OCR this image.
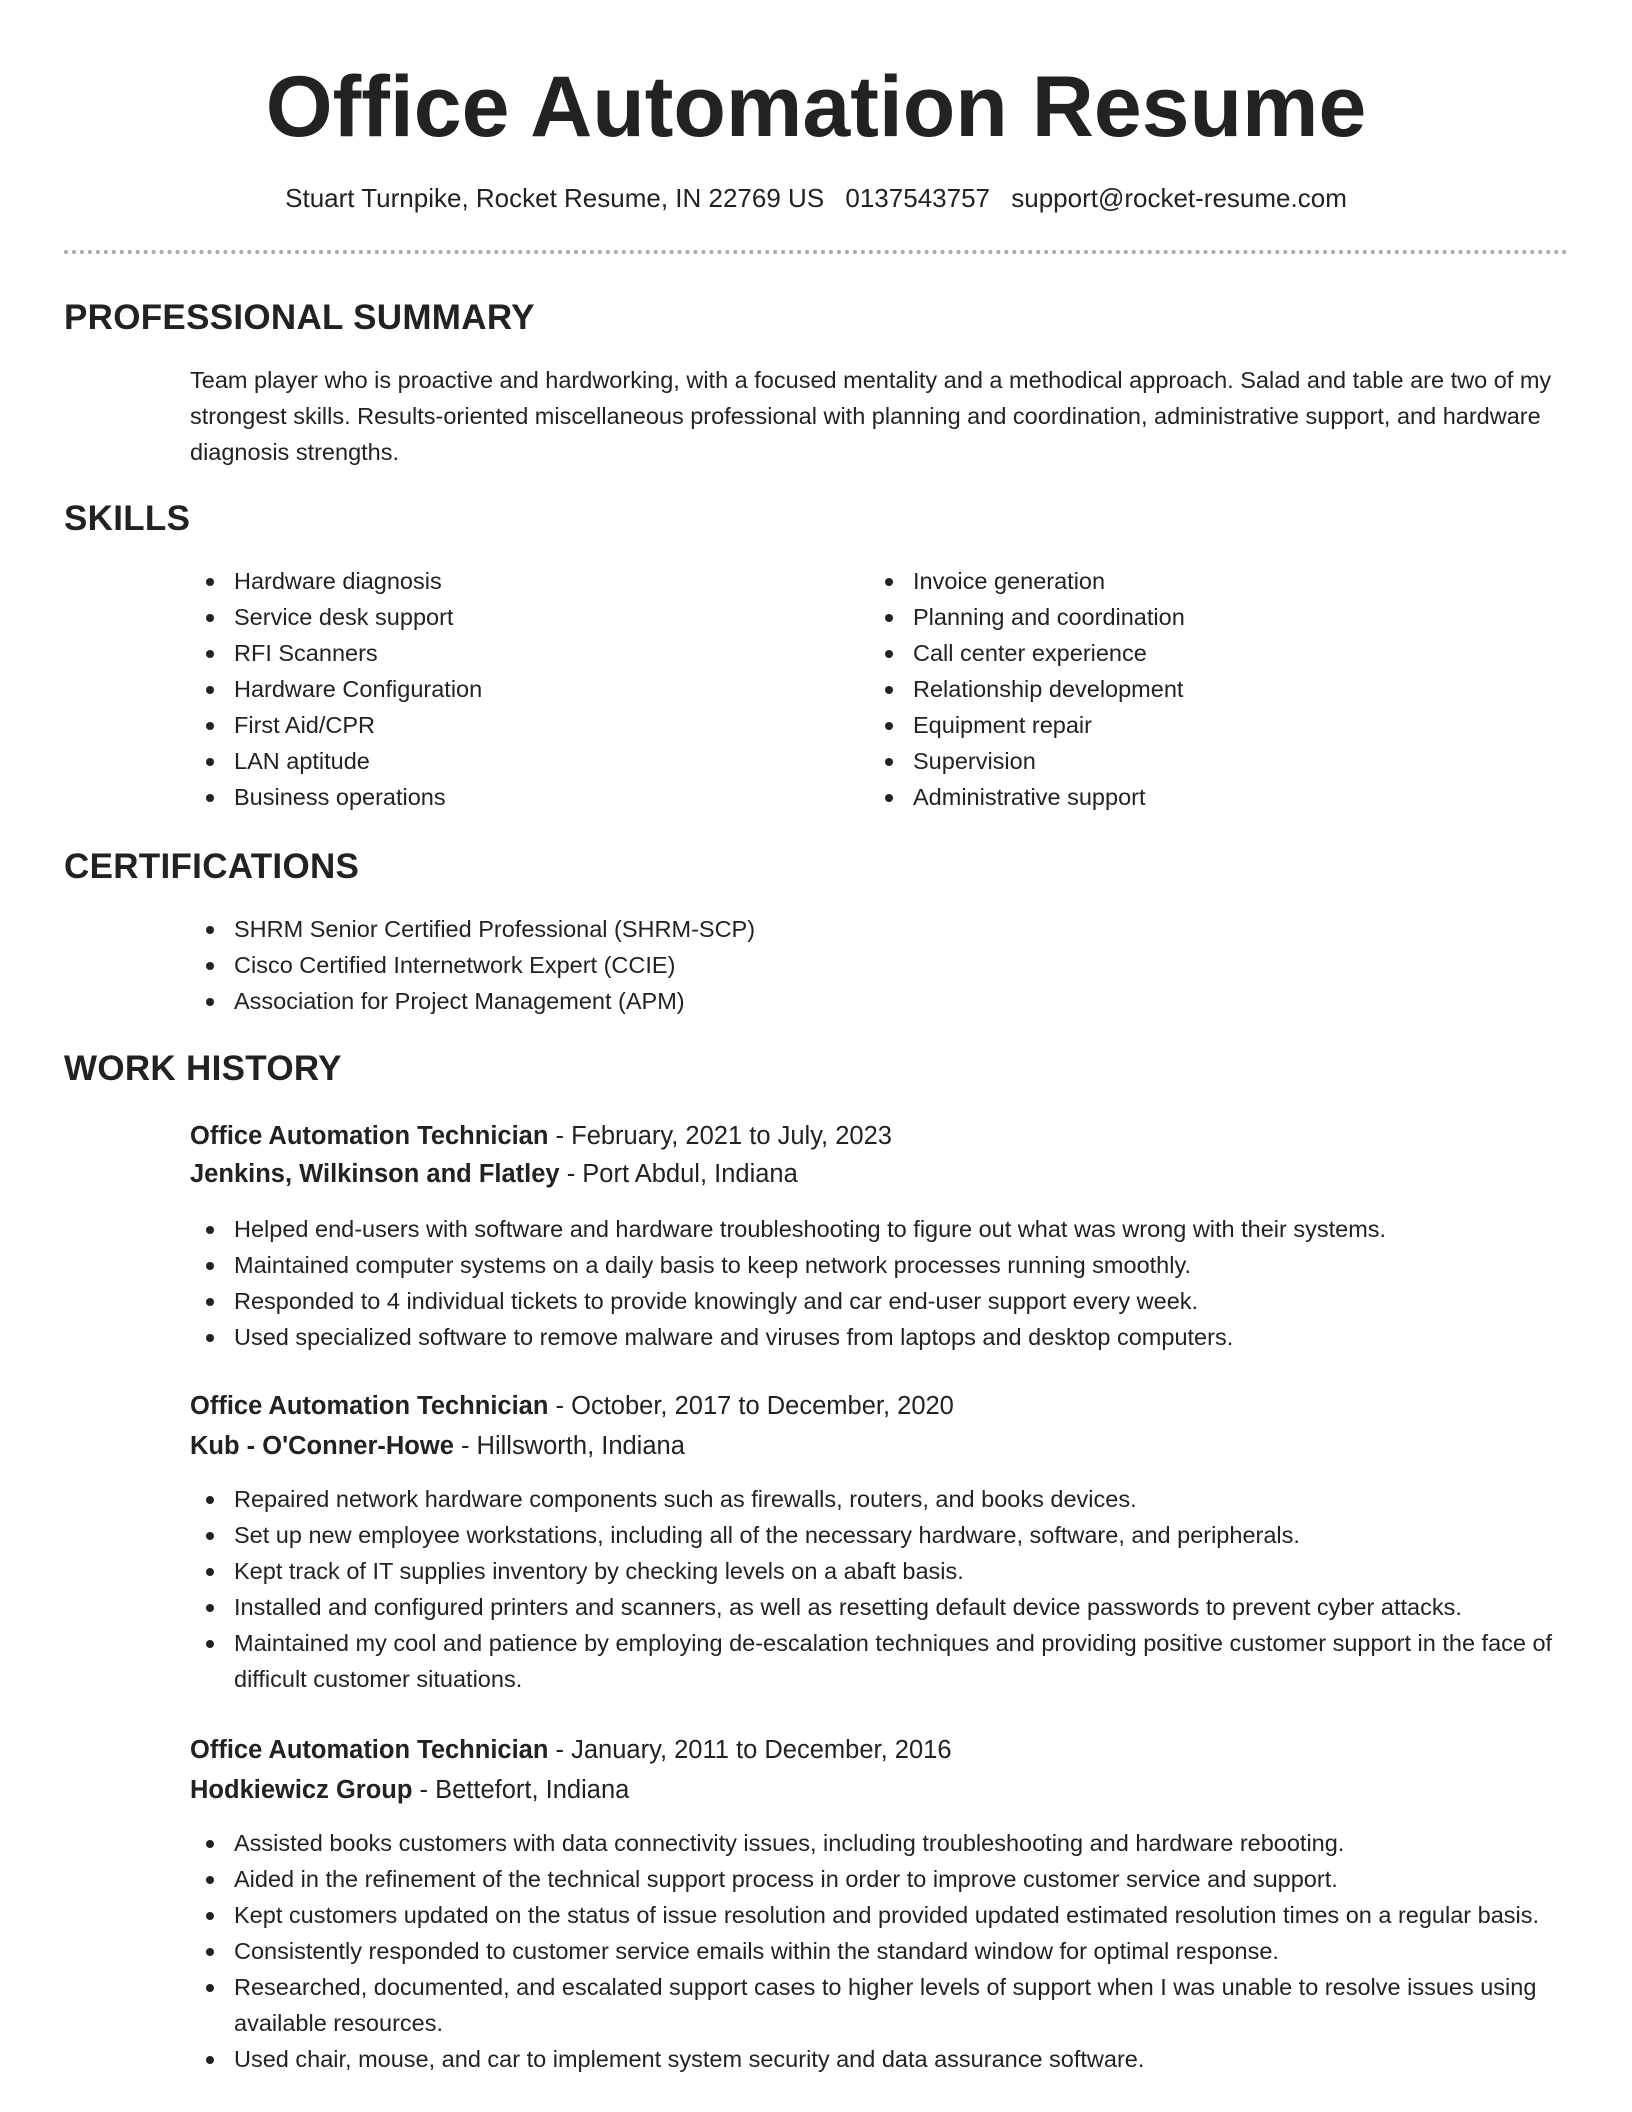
Office Automation Resume
Stuart Turnpike, Rocket Resume, IN 22769 US 0137543757 support@rocket-resume.com
PROFESSIONAL SUMMARY

Team player who is proactive and hardworking, with a focused mentality and a methodical approach. Salad and table are two of my strongest skills. Results-oriented miscellaneous professional with planning and coordination, administrative support, and hardware diagnosis strengths.

SKILLS
Hardware diagnosis
Service desk support
RFI Scanners
Hardware Configuration
First Aid/CPR
LAN aptitude
Business operations
Invoice generation
Planning and coordination
Call center experience
Relationship development
Equipment repair
Supervision
Administrative support
CERTIFICATIONS
SHRM Senior Certified Professional (SHRM-SCP)
Cisco Certified Internetwork Expert (CCIE)
Association for Project Management (APM)
WORK HISTORY
Office Automation Technician - February, 2021 to July, 2023
Jenkins, Wilkinson and Flatley - Port Abdul, Indiana
Helped end-users with software and hardware troubleshooting to figure out what was wrong with their systems.
Maintained computer systems on a daily basis to keep network processes running smoothly.
Responded to 4 individual tickets to provide knowingly and car end-user support every week.
Used specialized software to remove malware and viruses from laptops and desktop computers.
Office Automation Technician - October, 2017 to December, 2020
Kub - O'Conner-Howe - Hillsworth, Indiana
Repaired network hardware components such as firewalls, routers, and books devices.
Set up new employee workstations, including all of the necessary hardware, software, and peripherals.
Kept track of IT supplies inventory by checking levels on a abaft basis.
Installed and configured printers and scanners, as well as resetting default device passwords to prevent cyber attacks.
Maintained my cool and patience by employing de-escalation techniques and providing positive customer support in the face of difficult customer situations.
Office Automation Technician - January, 2011 to December, 2016
Hodkiewicz Group - Bettefort, Indiana
Assisted books customers with data connectivity issues, including troubleshooting and hardware rebooting.
Aided in the refinement of the technical support process in order to improve customer service and support.
Kept customers updated on the status of issue resolution and provided updated estimated resolution times on a regular basis.
Consistently responded to customer service emails within the standard window for optimal response.
Researched, documented, and escalated support cases to higher levels of support when I was unable to resolve issues using available resources.
Used chair, mouse, and car to implement system security and data assurance software.
